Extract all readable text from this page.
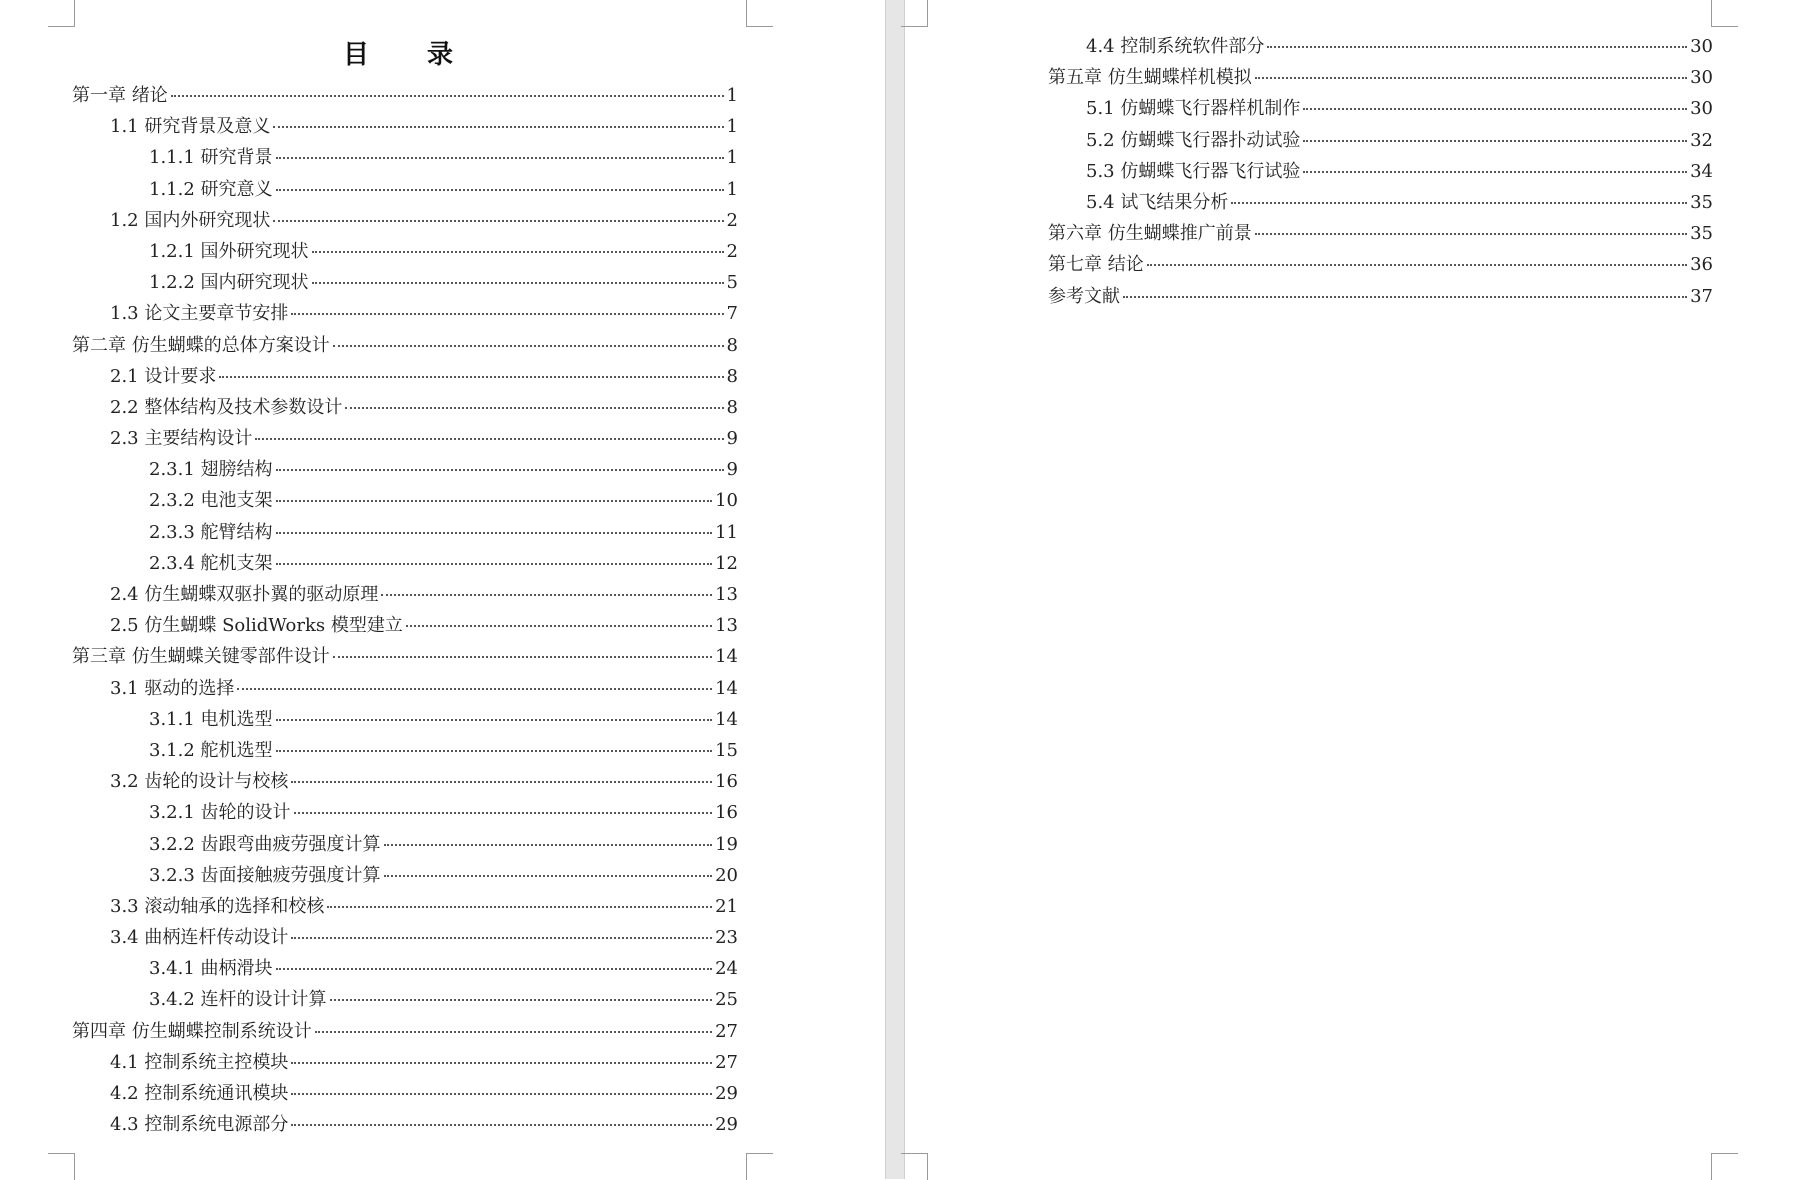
目　录
第一章 绪论	1
1.1 研究背景及意义	1
1.1.1 研究背景	1
1.1.2 研究意义	1
1.2 国内外研究现状	2
1.2.1 国外研究现状	2
1.2.2 国内研究现状	5
1.3 论文主要章节安排	7
第二章 仿生蝴蝶的总体方案设计	8
2.1 设计要求	8
2.2 整体结构及技术参数设计	8
2.3 主要结构设计	9
2.3.1 翅膀结构	9
2.3.2 电池支架	10
2.3.3 舵臂结构	11
2.3.4 舵机支架	12
2.4 仿生蝴蝶双驱扑翼的驱动原理	13
2.5 仿生蝴蝶 SolidWorks 模型建立	13
第三章 仿生蝴蝶关键零部件设计	14
3.1 驱动的选择	14
3.1.1 电机选型	14
3.1.2 舵机选型	15
3.2 齿轮的设计与校核	16
3.2.1 齿轮的设计	16
3.2.2 齿跟弯曲疲劳强度计算	19
3.2.3 齿面接触疲劳强度计算	20
3.3 滚动轴承的选择和校核	21
3.4 曲柄连杆传动设计	23
3.4.1 曲柄滑块	24
3.4.2 连杆的设计计算	25
第四章 仿生蝴蝶控制系统设计	27
4.1 控制系统主控模块	27
4.2 控制系统通讯模块	29
4.3 控制系统电源部分	29
4.4 控制系统软件部分	30
第五章 仿生蝴蝶样机模拟	30
5.1 仿蝴蝶飞行器样机制作	30
5.2 仿蝴蝶飞行器扑动试验	32
5.3 仿蝴蝶飞行器飞行试验	34
5.4 试飞结果分析	35
第六章 仿生蝴蝶推广前景	35
第七章 结论	36
参考文献	37
